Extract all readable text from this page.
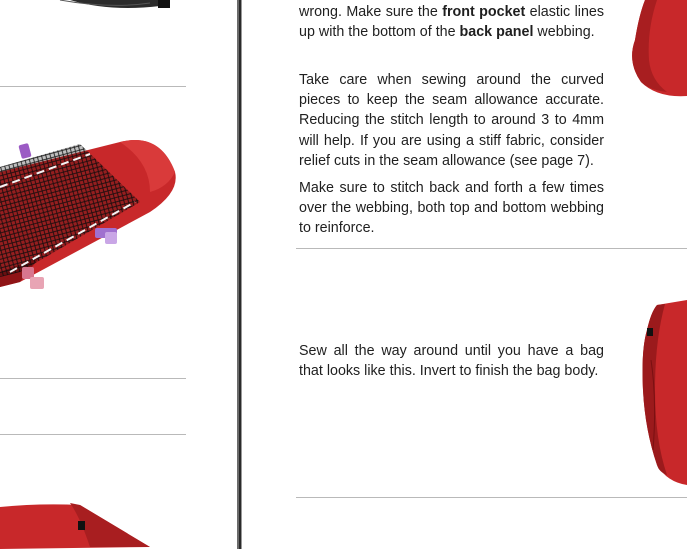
wrong. Make sure the front pocket elastic lines up with the bottom of the back panel webbing.

Take care when sewing around the curved pieces to keep the seam allowance accurate. Reducing the stitch length to around 3 to 4mm will help. If you are using a stiff fabric, consider relief cuts in the seam allowance (see page 7).

Make sure to stitch back and forth a few times over the webbing, both top and bottom webbing to reinforce.

Sew all the way around until you have a bag that looks like this. Invert to finish the bag body.
